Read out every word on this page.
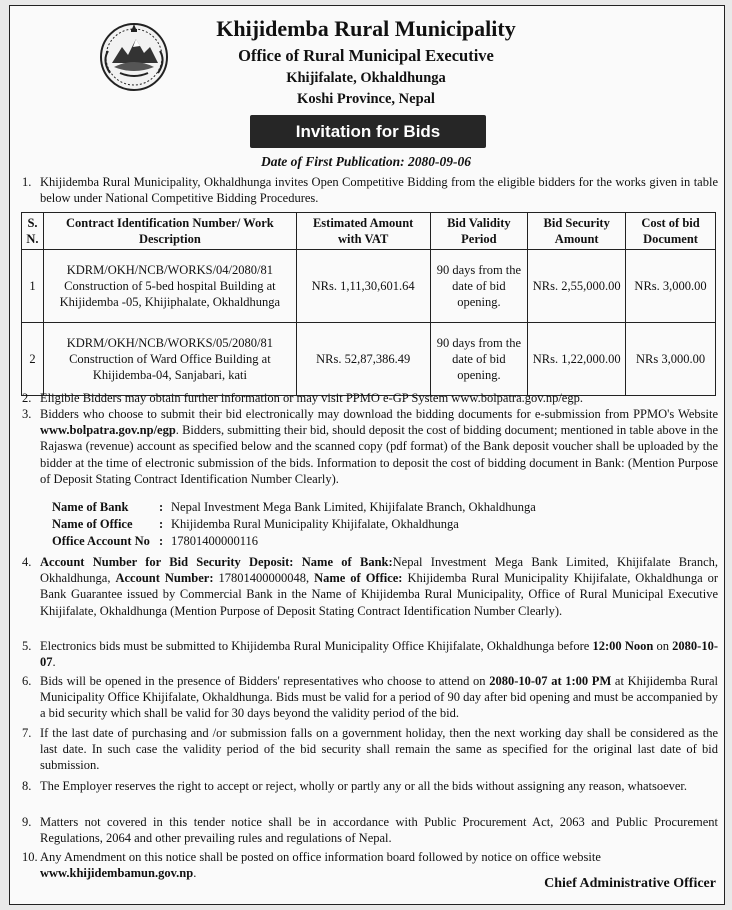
Khijidemba Rural Municipality
Office of Rural Municipal Executive
Khijifalate, Okhaldhunga
Koshi Province, Nepal
Invitation for Bids
Date of First Publication: 2080-09-06
1. Khijidemba Rural Municipality, Okhaldhunga invites Open Competitive Bidding from the eligible bidders for the works given in table below under National Competitive Bidding Procedures.
S. N.	Contract Identification Number/ Work Description	Estimated Amount with VAT	Bid Validity Period	Bid Security Amount	Cost of bid Document
1	KDRM/OKH/NCB/WORKS/04/2080/81 Construction of 5-bed hospital Building at Khijidemba -05, Khijiphalate, Okhaldhunga	NRs. 1,11,30,601.64	90 days from the date of bid opening.	NRs. 2,55,000.00	NRs. 3,000.00
2	KDRM/OKH/NCB/WORKS/05/2080/81 Construction of Ward Office Building at Khijidemba-04, Sanjabari, kati	NRs. 52,87,386.49	90 days from the date of bid opening.	NRs. 1,22,000.00	NRs 3,000.00
2. Eligible Bidders may obtain further information or may visit PPMO e-GP System www.bolpatra.gov.np/egp.
3. Bidders who choose to submit their bid electronically may download the bidding documents for e-submission from PPMO's Website www.bolpatra.gov.np/egp. Bidders, submitting their bid, should deposit the cost of bidding document; mentioned in table above in the Rajaswa (revenue) account as specified below and the scanned copy (pdf format) of the Bank deposit voucher shall be uploaded by the bidder at the time of electronic submission of the bids. Information to deposit the cost of bidding document in Bank: (Mention Purpose of Deposit Stating Contract Identification Number Clearly).
Name of Bank : Nepal Investment Mega Bank Limited, Khijifalate Branch, Okhaldhunga
Name of Office : Khijidemba Rural Municipality Khijifalate, Okhaldhunga
Office Account No : 17801400000116
4. Account Number for Bid Security Deposit: Name of Bank:Nepal Investment Mega Bank Limited, Khijifalate Branch, Okhaldhunga, Account Number: 17801400000048, Name of Office: Khijidemba Rural Municipality Khijifalate, Okhaldhunga or Bank Guarantee issued by Commercial Bank in the Name of Khijidemba Rural Municipality, Office of Rural Municipal Executive Khijifalate, Okhaldhunga (Mention Purpose of Deposit Stating Contract Identification Number Clearly).
5. Electronics bids must be submitted to Khijidemba Rural Municipality Office Khijifalate, Okhaldhunga before 12:00 Noon on 2080-10-07.
6. Bids will be opened in the presence of Bidders' representatives who choose to attend on 2080-10-07 at 1:00 PM at Khijidemba Rural Municipality Office Khijifalate, Okhaldhunga. Bids must be valid for a period of 90 day after bid opening and must be accompanied by a bid security which shall be valid for 30 days beyond the validity period of the bid.
7. If the last date of purchasing and /or submission falls on a government holiday, then the next working day shall be considered as the last date. In such case the validity period of the bid security shall remain the same as specified for the original last date of bid submission.
8. The Employer reserves the right to accept or reject, wholly or partly any or all the bids without assigning any reason, whatsoever.
9. Matters not covered in this tender notice shall be in accordance with Public Procurement Act, 2063 and Public Procurement Regulations, 2064 and other prevailing rules and regulations of Nepal.
10. Any Amendment on this notice shall be posted on office information board followed by notice on office website
www.khijidembamun.gov.np.
Chief Administrative Officer
